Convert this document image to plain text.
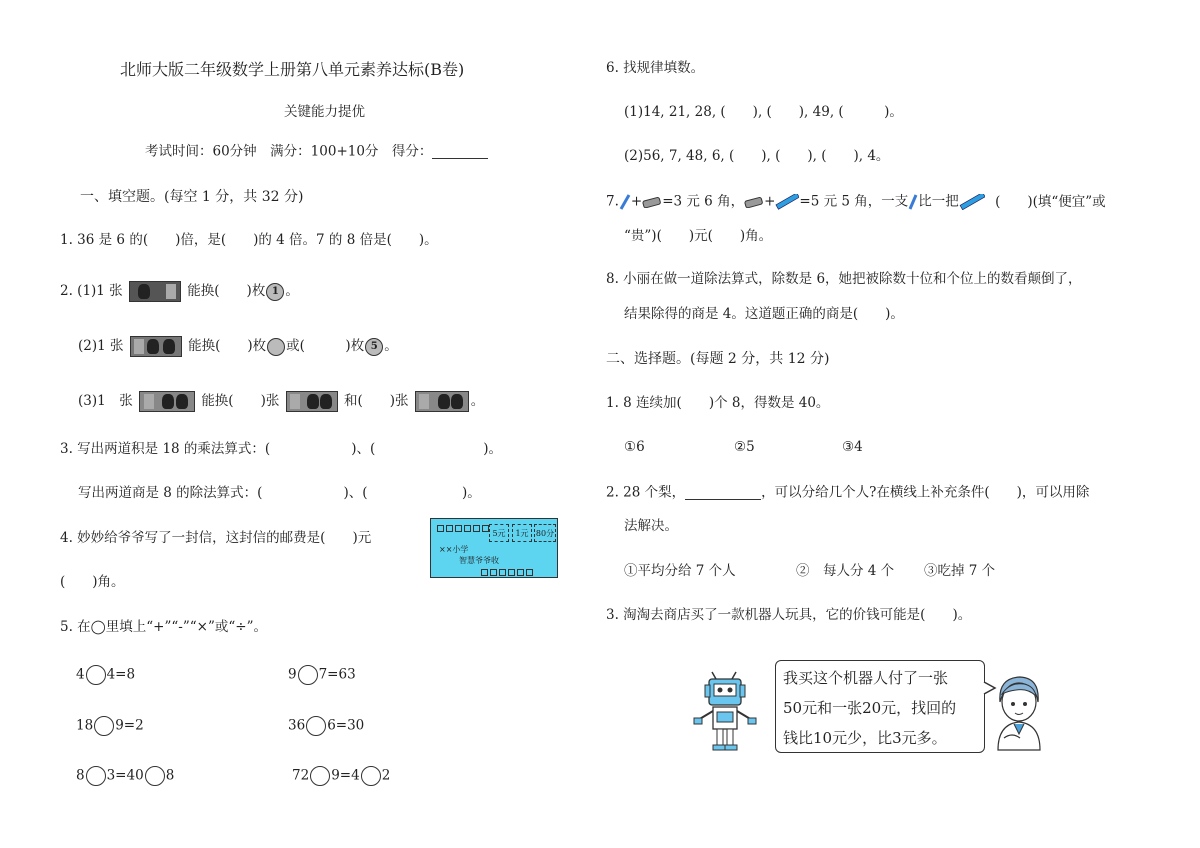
北师大版二年级数学上册第八单元素养达标(B卷)
关键能力提优
考试时间：60分钟　满分：100+10分　得分：
一、填空题。(每空 1 分，共 32 分)
1. 36 是 6 的(　　)倍，是(　　)的 4 倍。7 的 8 倍是(　　)。
2. (1)1 张	能换(　　)枚 1 。
(2)1 张	能换(　　)枚 或(　　　)枚 5 。
(3)1　张	能换(　　)张	和(　　)张	。
3. 写出两道积是 18 的乘法算式：(　　　　　　)、(　　　　　　　　)。
写出两道商是 8 的除法算式：(　　　　　　)、(　　　　　　　)。
4. 妙妙给爷爷写了一封信，这封信的邮费是(　　)元
(　　)角。
5元	1元 80分
××小学
智慧爷爷收
5. 在◯里填上“+”“-”“×”或“÷”。
4 4=8	9 7=63
18 9=2	36 6=30
8 3=40 8	72 9=4 2
6. 找规律填数。
(1)14, 21, 28, (　　), (　　), 49, (　　　)。
(2)56, 7, 48, 6, (　　), (　　), (　　), 4。
7. + =3 元 6 角， + =5 元 5 角，一支 比一把	(　　)(填“便宜”或
“贵”)(　　)元(　　)角。
8. 小丽在做一道除法算式，除数是 6，她把被除数十位和个位上的数看颠倒了，
结果除得的商是 4。这道题正确的商是(　　)。
二、选择题。(每题 2 分，共 12 分)
1. 8 连续加(　　)个 8，得数是 40。
①6	②5	③4
2. 28 个梨，	，可以分给几个人?在横线上补充条件(　　)，可以用除
法解决。
①平均分给 7 个人	②　每人分 4 个 ③吃掉 7 个
3. 淘淘去商店买了一款机器人玩具，它的价钱可能是(　　)。
我买这个机器人付了一张
50元和一张20元，找回的
钱比10元少，比3元多。
